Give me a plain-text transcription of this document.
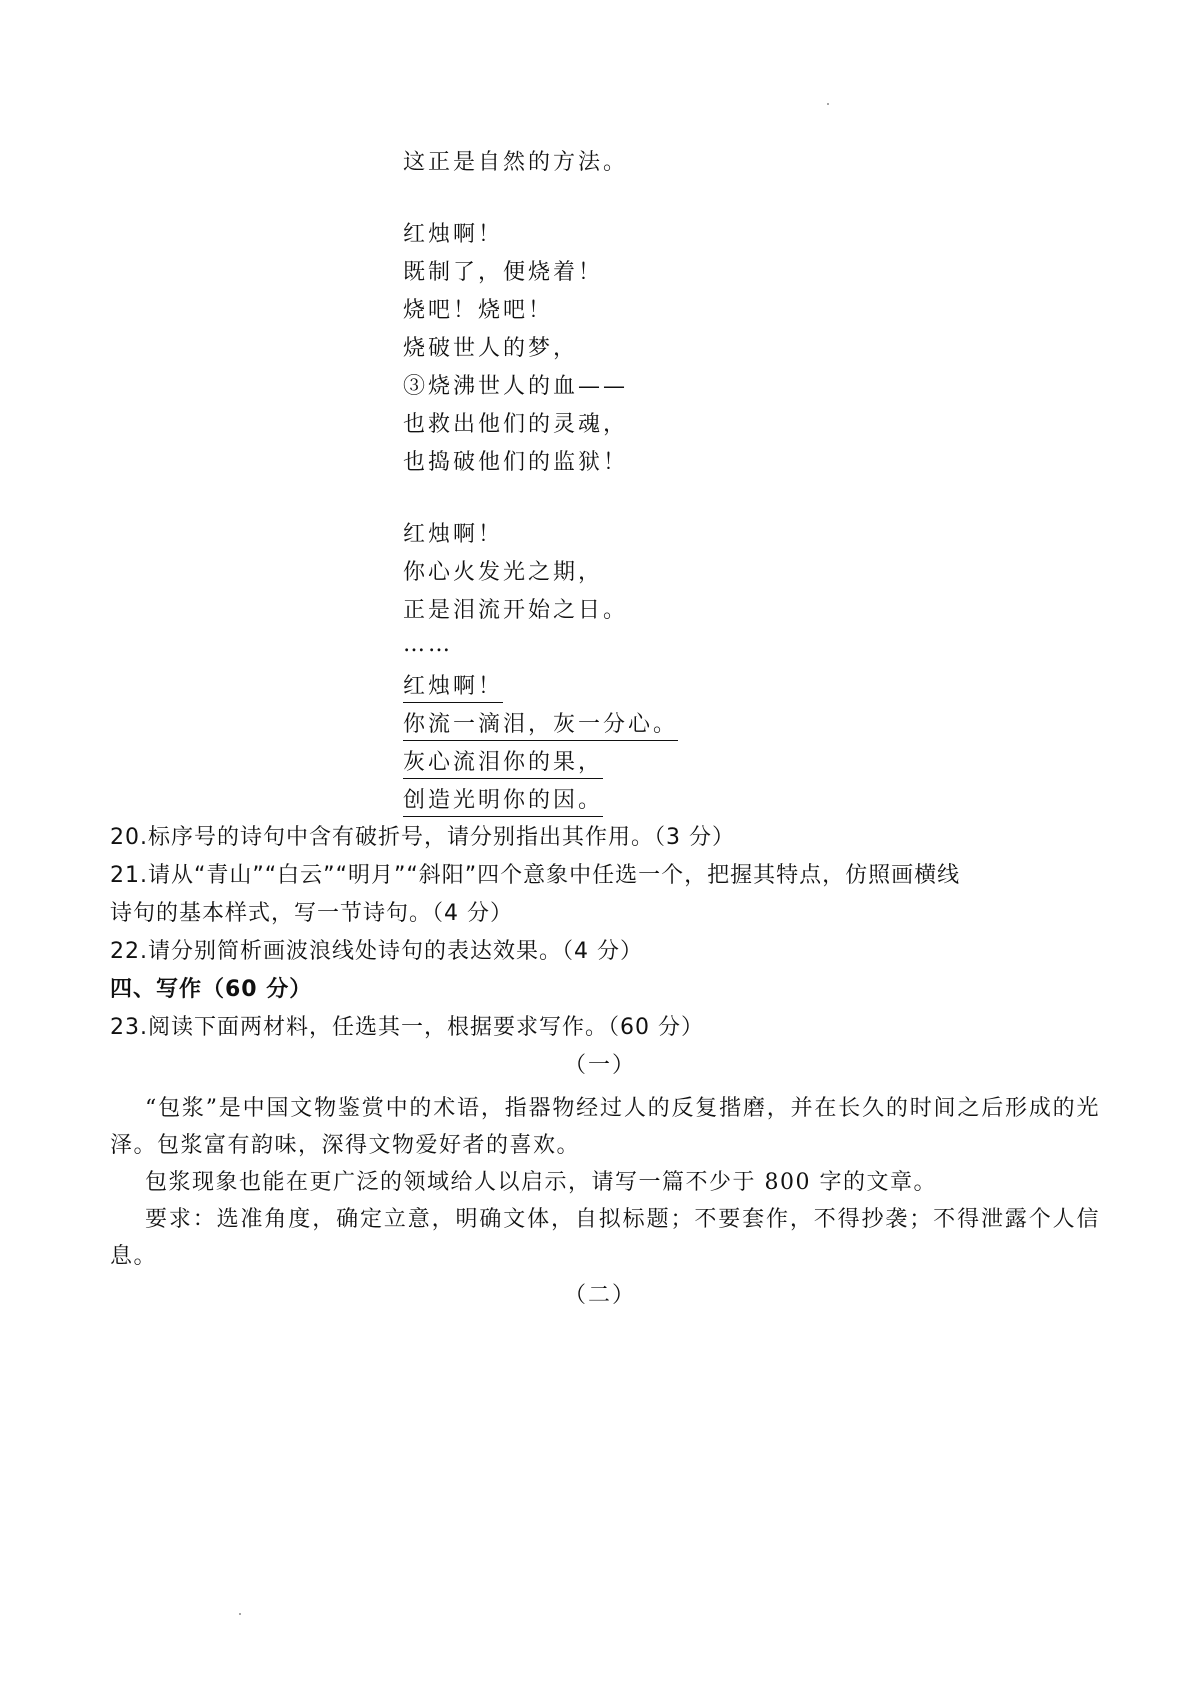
这正是自然的方法。
红烛啊！
既制了，便烧着！
烧吧！烧吧！
烧破世人的梦，
③烧沸世人的血——
也救出他们的灵魂，
也捣破他们的监狱！
红烛啊！
你心火发光之期，
正是泪流开始之日。
……
红烛啊！
你流一滴泪，灰一分心。
灰心流泪你的果，
创造光明你的因。
20.标序号的诗句中含有破折号，请分别指出其作用。（3 分）
21.请从“青山”“白云”“明月”“斜阳”四个意象中任选一个，把握其特点，仿照画横线
诗句的基本样式，写一节诗句。（4 分）
22.请分别简析画波浪线处诗句的表达效果。（4 分）
四、写作（60 分）
23.阅读下面两材料，任选其一，根据要求写作。（60 分）
（一）
“包浆”是中国文物鉴赏中的术语，指器物经过人的反复揩磨，并在长久的时间之后形成的光泽。包浆富有韵味，深得文物爱好者的喜欢。
包浆现象也能在更广泛的领域给人以启示，请写一篇不少于 800 字的文章。
要求：选准角度，确定立意，明确文体，自拟标题；不要套作，不得抄袭；不得泄露个人信息。
（二）
